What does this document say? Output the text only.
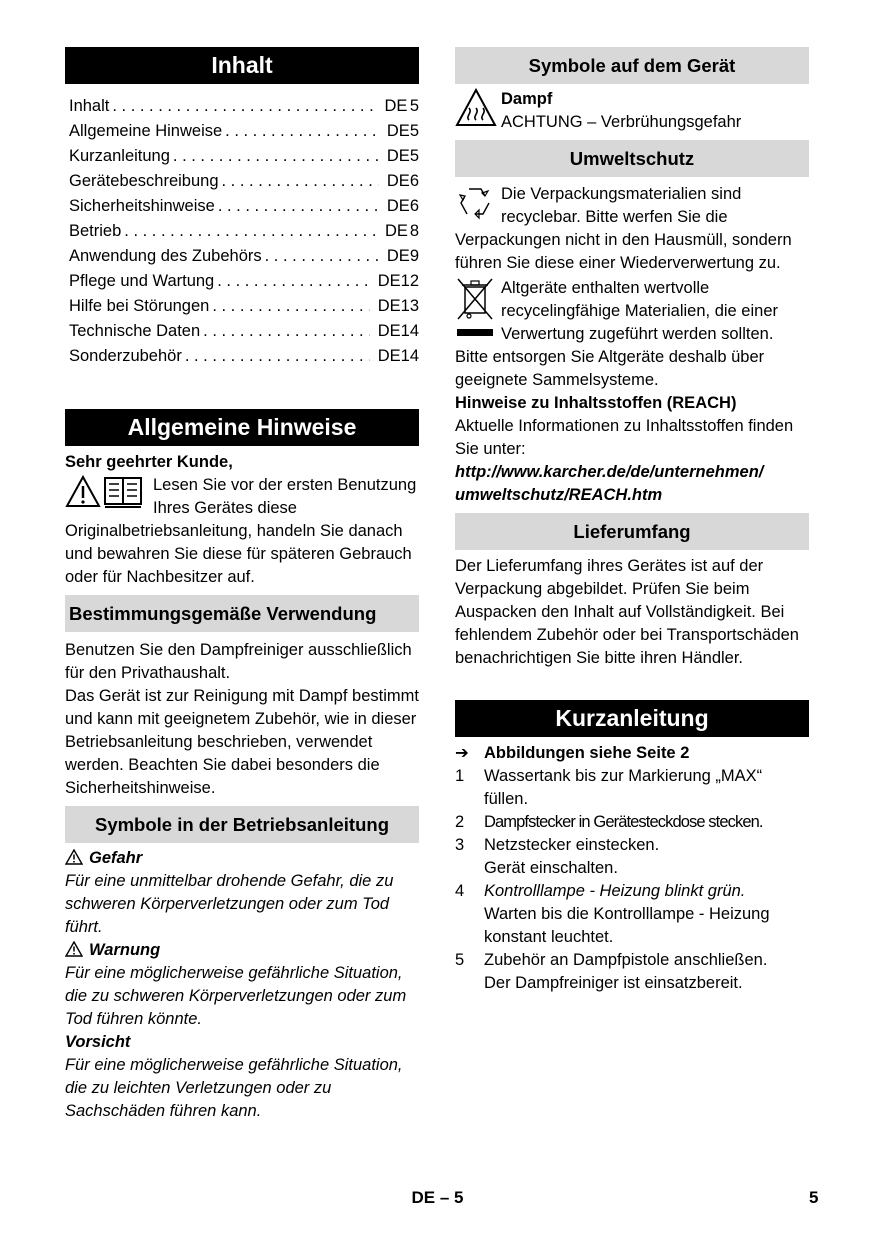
Inhalt
Inhalt . . .	DE 5
Allgemeine Hinweise . . .	DE 5
Kurzanleitung . . .	DE 5
Gerätebeschreibung . . .	DE 6
Sicherheitshinweise . . .	DE 6
Betrieb . . .	DE 8
Anwendung des Zubehörs . . .	DE 9
Pflege und Wartung . . .	DE 12
Hilfe bei Störungen . . .	DE 13
Technische Daten . . .	DE 14
Sonderzubehör . . .	DE 14
Allgemeine Hinweise

Sehr geehrter Kunde,

Lesen Sie vor der ersten Benutzung Ihres Gerätes diese Originalbetriebsanleitung, handeln Sie danach und bewahren Sie diese für späteren Gebrauch oder für Nachbesitzer auf.

Bestimmungsgemäße Verwendung

Benutzen Sie den Dampfreiniger ausschließlich für den Privathaushalt.

Das Gerät ist zur Reinigung mit Dampf bestimmt und kann mit geeignetem Zubehör, wie in dieser Betriebsanleitung beschrieben, verwendet werden. Beachten Sie dabei besonders die Sicherheitshinweise.

Symbole in der Betriebsanleitung

Gefahr

Für eine unmittelbar drohende Gefahr, die zu schweren Körperverletzungen oder zum Tod führt.

Warnung

Für eine möglicherweise gefährliche Situation, die zu schweren Körperverletzungen oder zum Tod führen könnte.

Vorsicht

Für eine möglicherweise gefährliche Situation, die zu leichten Verletzungen oder zu Sachschäden führen kann.

Symbole auf dem Gerät

Dampf

ACHTUNG – Verbrühungsgefahr

Umweltschutz

Die Verpackungsmaterialien sind recyclebar. Bitte werfen Sie die Verpackungen nicht in den Hausmüll, sondern führen Sie diese einer Wiederverwertung zu.

Altgeräte enthalten wertvolle recycelingfähige Materialien, die einer Verwertung zugeführt werden sollten. Bitte entsorgen Sie Altgeräte deshalb über geeignete Sammelsysteme.

Hinweise zu Inhaltsstoffen (REACH)

Aktuelle Informationen zu Inhaltsstoffen finden Sie unter:

http://www.karcher.de/de/unternehmen/

umweltschutz/REACH.htm

Lieferumfang

Der Lieferumfang ihres Gerätes ist auf der Verpackung abgebildet. Prüfen Sie beim Auspacken den Inhalt auf Vollständigkeit. Bei fehlendem Zubehör oder bei Transportschäden benachrichtigen Sie bitte ihren Händler.

Kurzanleitung
➔ Abbildungen siehe Seite 2
1	Wassertank bis zur Markierung „MAX“ füllen.
2	Dampfstecker in Gerätesteckdose stecken.
3	Netzstecker einstecken.
Gerät einschalten.
4	Kontrolllampe - Heizung blinkt grün.
Warten bis die Kontrolllampe - Heizung konstant leuchtet.
5	Zubehör an Dampfpistole anschließen.
Der Dampfreiniger ist einsatzbereit.
DE – 5	5
